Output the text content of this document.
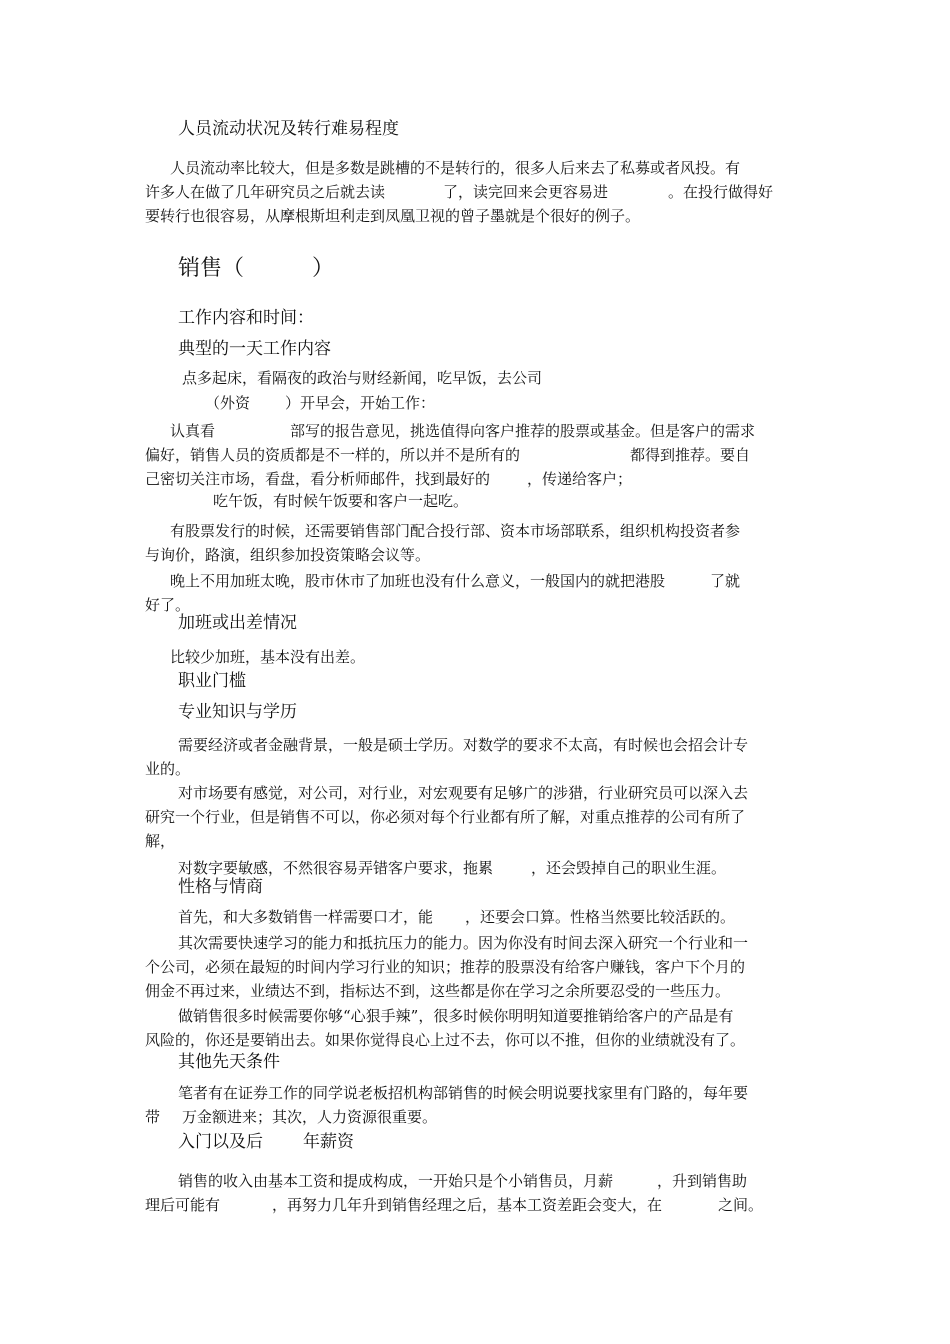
人员流动状况及转行难易程度
人员流动率比较大，但是多数是跳槽的不是转行的，很多人后来去了私募或者风投。有
许多人在做了几年研究员之后就去读	了，读完回来会更容易进	。在投行做得好
要转行也很容易，从摩根斯坦利走到凤凰卫视的曾子墨就是个很好的例子。
销售（	）
工作内容和时间：
典型的一天工作内容
点多起床，看隔夜的政治与财经新闻，吃早饭，去公司
（外资 ）开早会，开始工作：
认真看	部写的报告意见，挑选值得向客户推荐的股票或基金。但是客户的需求
偏好，销售人员的资质都是不一样的，所以并不是所有的	都得到推荐。要自
己密切关注市场，看盘，看分析师邮件，找到最好的 ，传递给客户；
吃午饭，有时候午饭要和客户一起吃。
有股票发行的时候，还需要销售部门配合投行部、资本市场部联系，组织机构投资者参
与询价，路演，组织参加投资策略会议等。
晚上不用加班太晚，股市休市了加班也没有什么意义，一般国内的就把港股	了就
好了。
加班或出差情况
比较少加班，基本没有出差。
职业门槛
专业知识与学历
需要经济或者金融背景，一般是硕士学历。对数学的要求不太高，有时候也会招会计专
业的。
对市场要有感觉，对公司，对行业，对宏观要有足够广的涉猎，行业研究员可以深入去
研究一个行业，但是销售不可以，你必须对每个行业都有所了解，对重点推荐的公司有所了
解，
对数字要敏感，不然很容易弄错客户要求，拖累	，还会毁掉自己的职业生涯。
性格与情商
首先，和大多数销售一样需要口才，能 ，还要会口算。性格当然要比较活跃的。
其次需要快速学习的能力和抵抗压力的能力。因为你没有时间去深入研究一个行业和一
个公司，必须在最短的时间内学习行业的知识；推荐的股票没有给客户赚钱，客户下个月的
佣金不再过来，业绩达不到，指标达不到，这些都是你在学习之余所要忍受的一些压力。
做销售很多时候需要你够“心狠手辣”，很多时候你明明知道要推销给客户的产品是有
风险的，你还是要销出去。如果你觉得良心上过不去，你可以不推，但你的业绩就没有了。
其他先天条件
笔者有在证券工作的同学说老板招机构部销售的时候会明说要找家里有门路的，每年要
带 万金额进来；其次，人力资源很重要。
入门以及后 年薪资
销售的收入由基本工资和提成构成，一开始只是个小销售员，月薪	，升到销售助
理后可能有	，再努力几年升到销售经理之后，基本工资差距会变大，在	之间。
